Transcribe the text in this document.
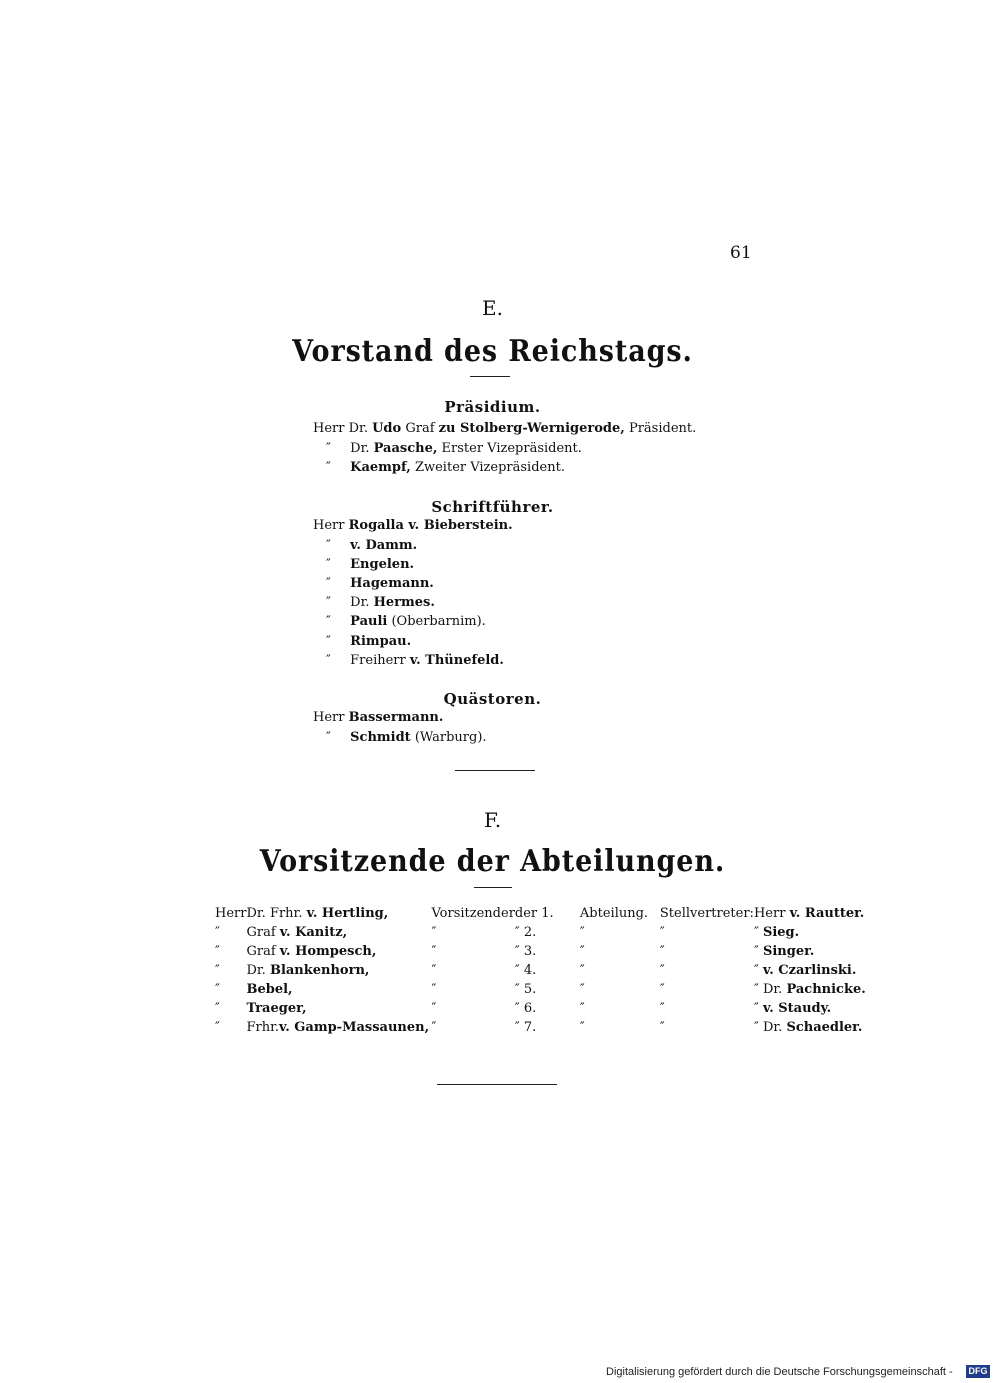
61
E.
Vorstand des Reichstags.
Präsidium.
Herr Dr. Udo Graf zu Stolberg-Wernigerode, Präsident.
″ Dr. Paasche, Erster Vizepräsident.
″ Kaempf, Zweiter Vizepräsident.
Schriftführer.
Herr Rogalla v. Bieberstein.
″ v. Damm.
″ Engelen.
″ Hagemann.
″ Dr. Hermes.
″ Pauli (Oberbarnim).
″ Rimpau.
″ Freiherr v. Thünefeld.
Quästoren.
Herr Bassermann.
″ Schmidt (Warburg).
F.
Vorsitzende der Abteilungen.
Herr	Dr. Frhr. v. Hertling,	Vorsitzender	der 1.	Abteilung.	Stellvertreter:	Herr v. Rautter.
″	Graf v. Kanitz,	″	″ 2.	″	″	″ Sieg.
″	Graf v. Hompesch,	″	″ 3.	″	″	″ Singer.
″	Dr. Blankenhorn,	″	″ 4.	″	″	″ v. Czarlinski.
″	Bebel,	″	″ 5.	″	″	″ Dr. Pachnicke.
″	Traeger,	″	″ 6.	″	″	″ v. Staudy.
″	Frhr.v. Gamp-Massaunen,	″	″ 7.	″	″	″ Dr. Schaedler.
Digitalisierung gefördert durch die Deutsche Forschungsgemeinschaft - DFG
